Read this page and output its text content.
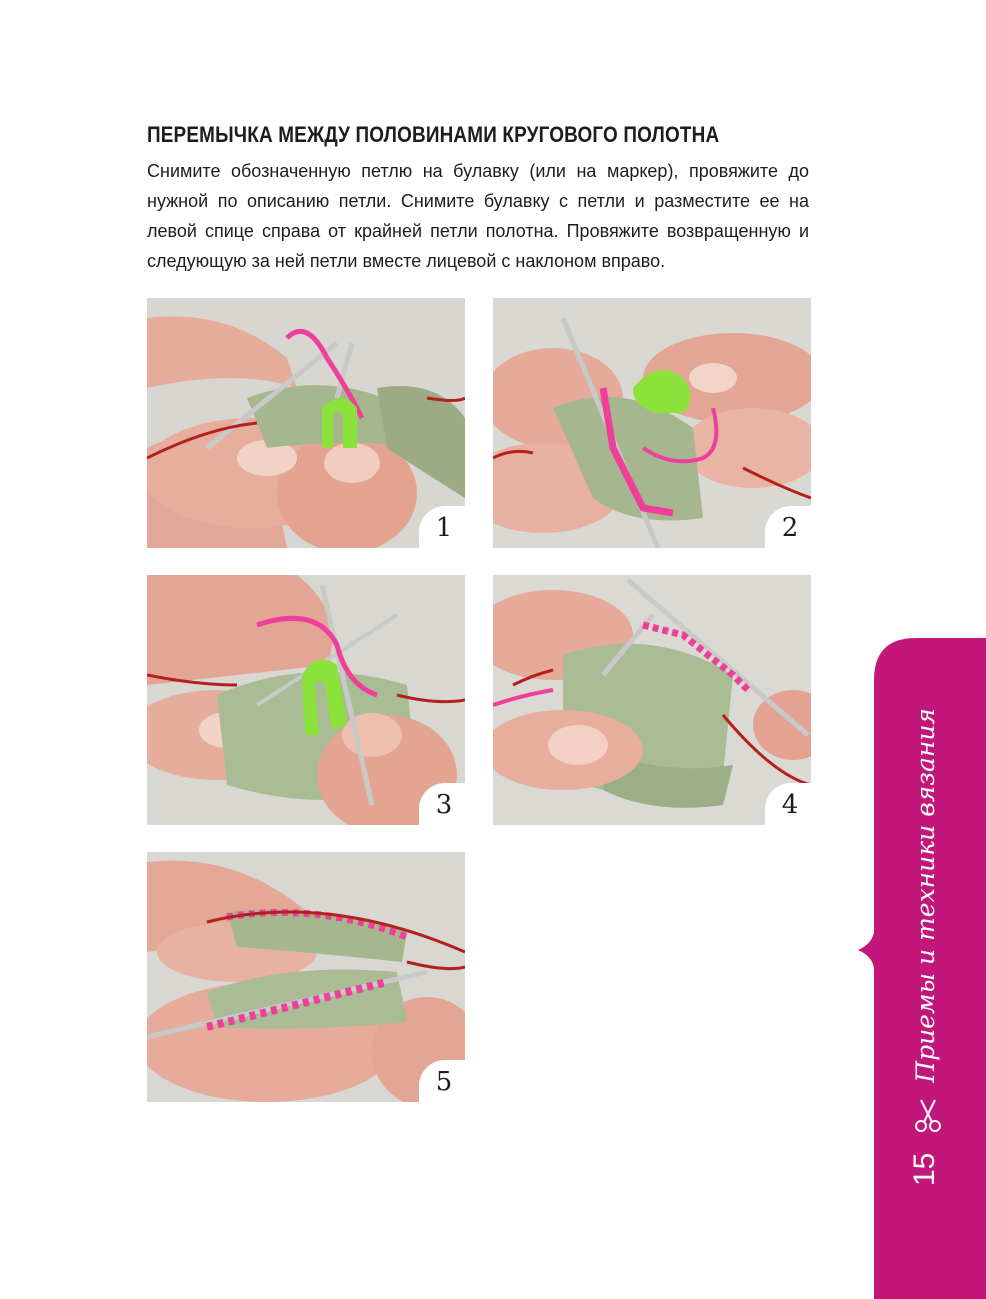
ПЕРЕМЫЧКА МЕЖДУ ПОЛОВИНАМИ КРУГОВОГО ПОЛОТНА

Снимите обозначенную петлю на булавку (или на маркер), провяжите до нужной по описанию петли. Снимите булавку с петли и разместите ее на левой спице справа от крайней петли полотна. Провяжите возвращенную и следующую за ней петли вместе лицевой с наклоном вправо.

1	2
3	4
5
15  Приемы и техники вязания
